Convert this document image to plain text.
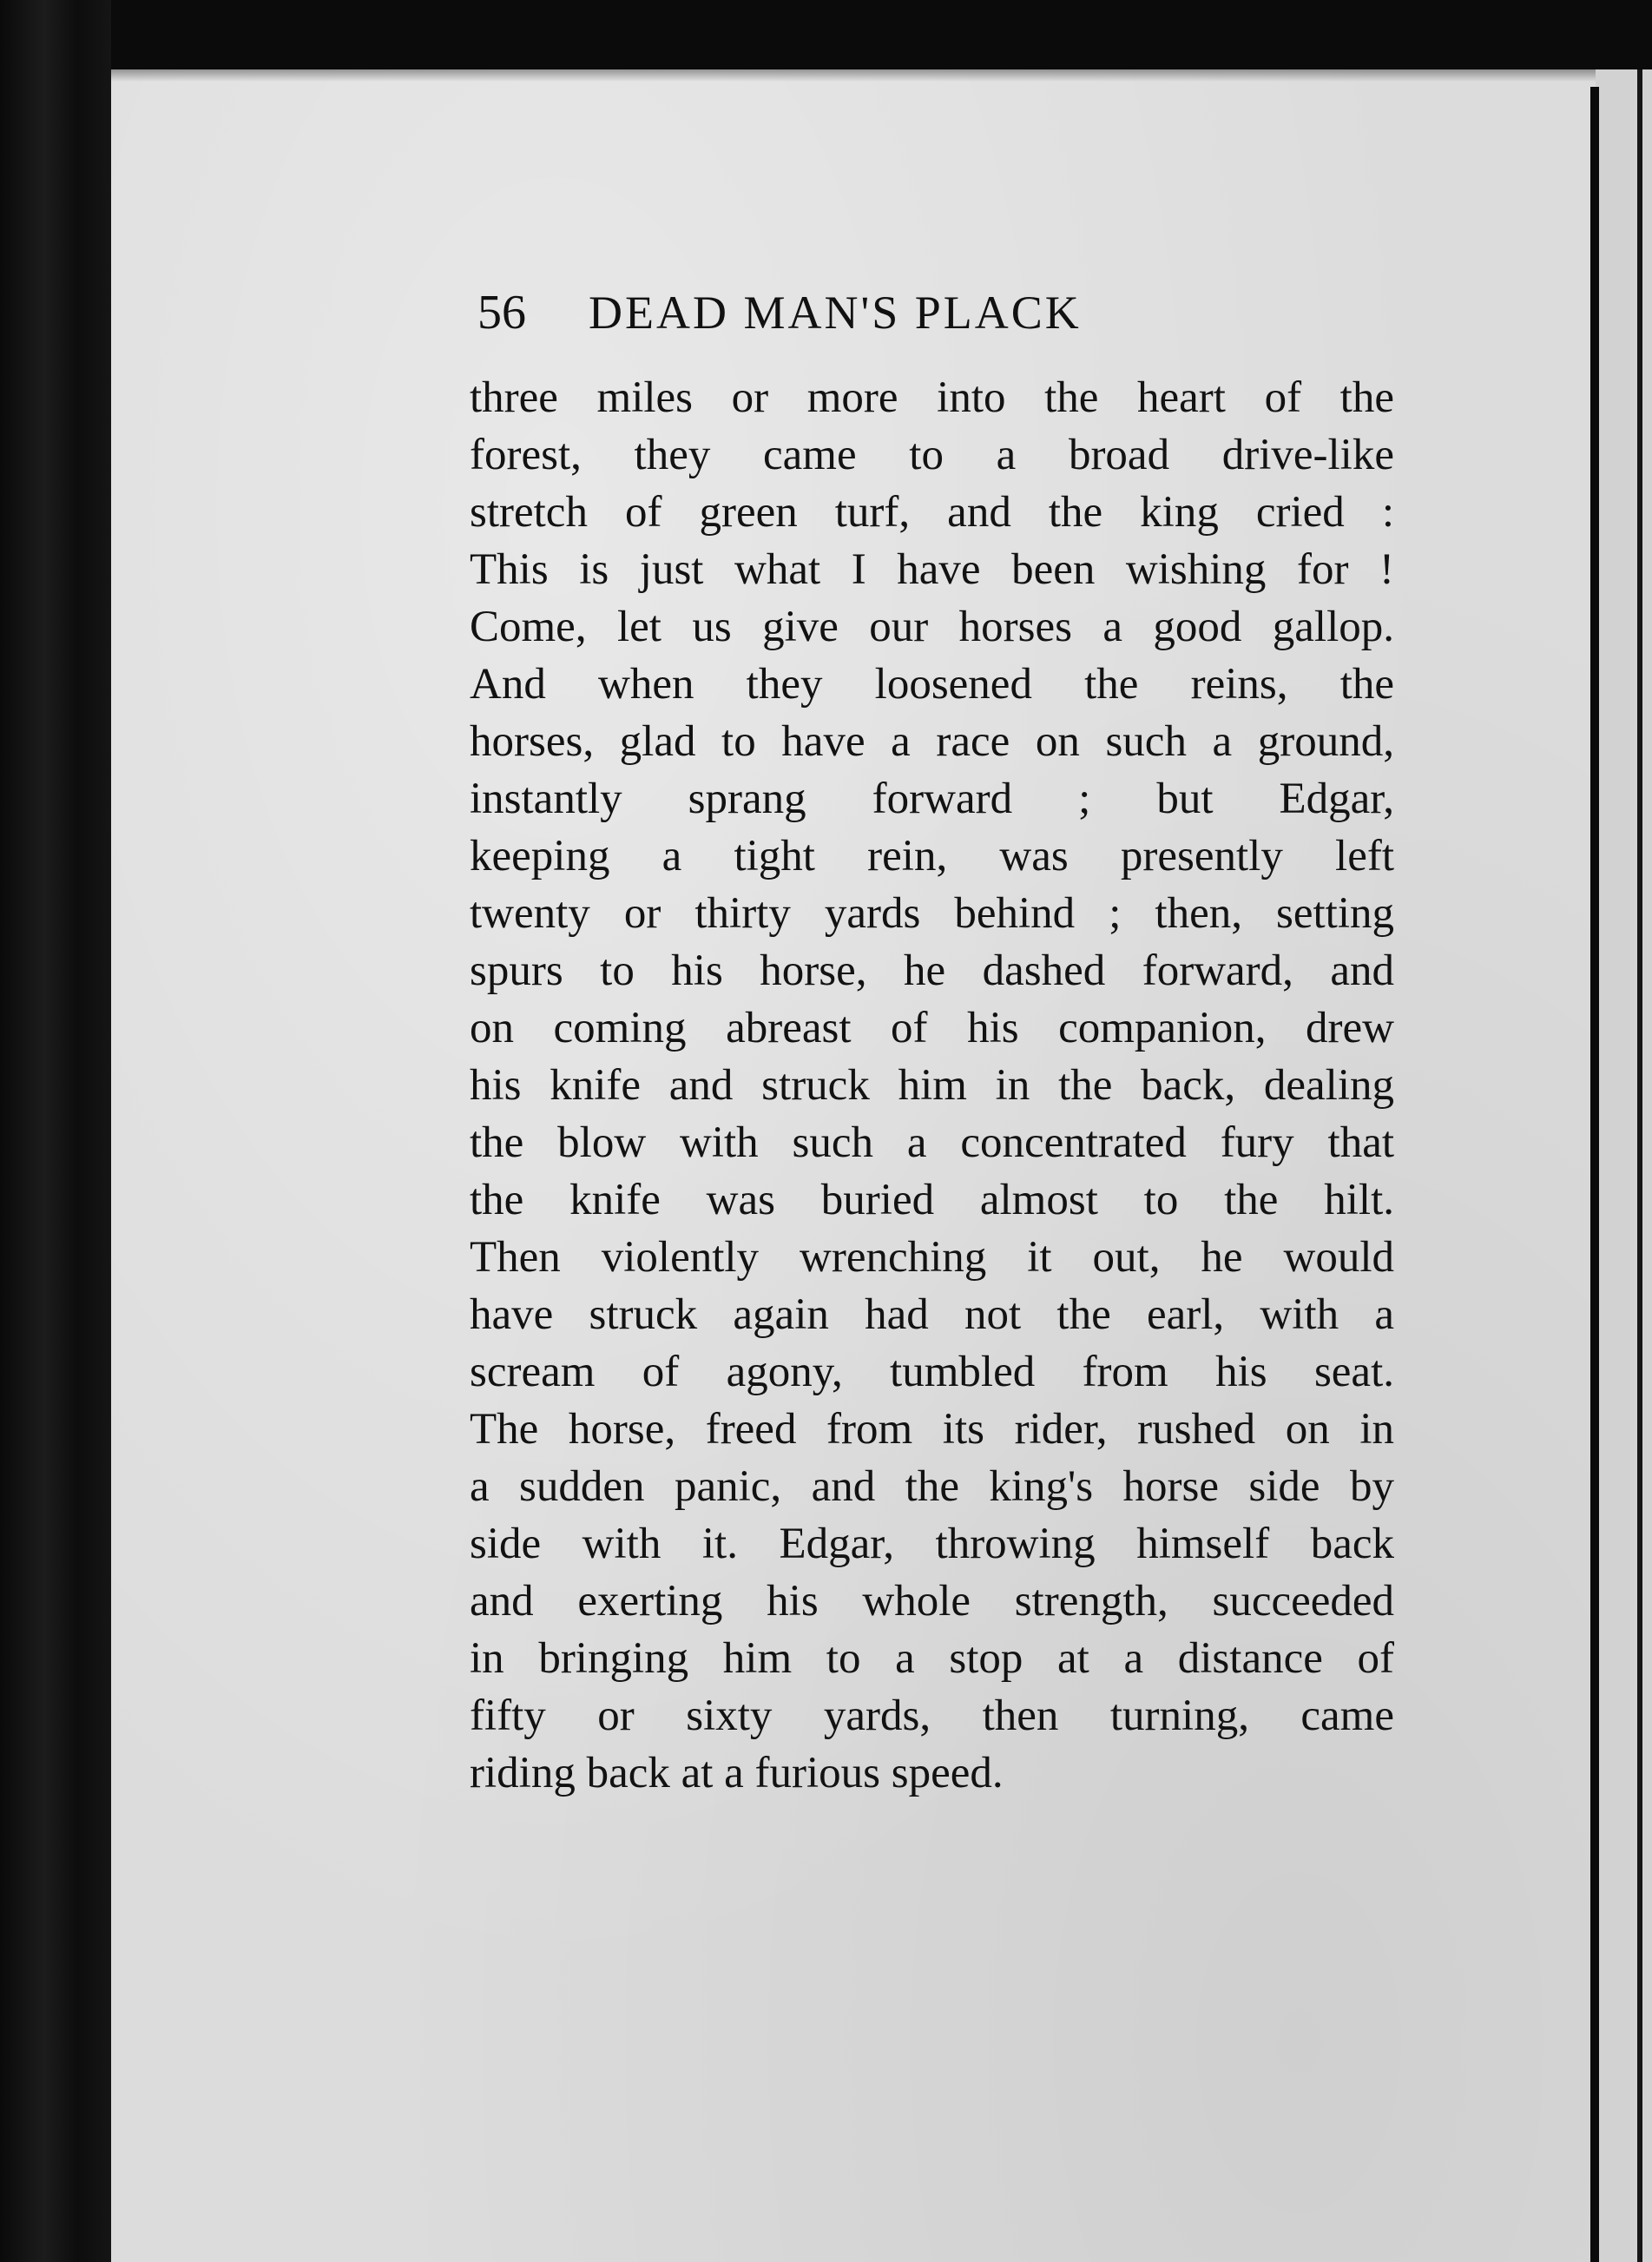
56 DEAD MAN'S PLACK
three miles or more into the heart of the
forest, they came to a broad drive-like
stretch of green turf, and the king cried :
This is just what I have been wishing for !
Come, let us give our horses a good gallop.
And when they loosened the reins, the
horses, glad to have a race on such a ground,
instantly sprang forward ; but Edgar,
keeping a tight rein, was presently left
twenty or thirty yards behind ; then, setting
spurs to his horse, he dashed forward, and
on coming abreast of his companion, drew
his knife and struck him in the back, dealing
the blow with such a concentrated fury that
the knife was buried almost to the hilt.
Then violently wrenching it out, he would
have struck again had not the earl, with a
scream of agony, tumbled from his seat.
The horse, freed from its rider, rushed on in
a sudden panic, and the king's horse side by
side with it. Edgar, throwing himself back
and exerting his whole strength, succeeded
in bringing him to a stop at a distance of
fifty or sixty yards, then turning, came
riding back at a furious speed.
